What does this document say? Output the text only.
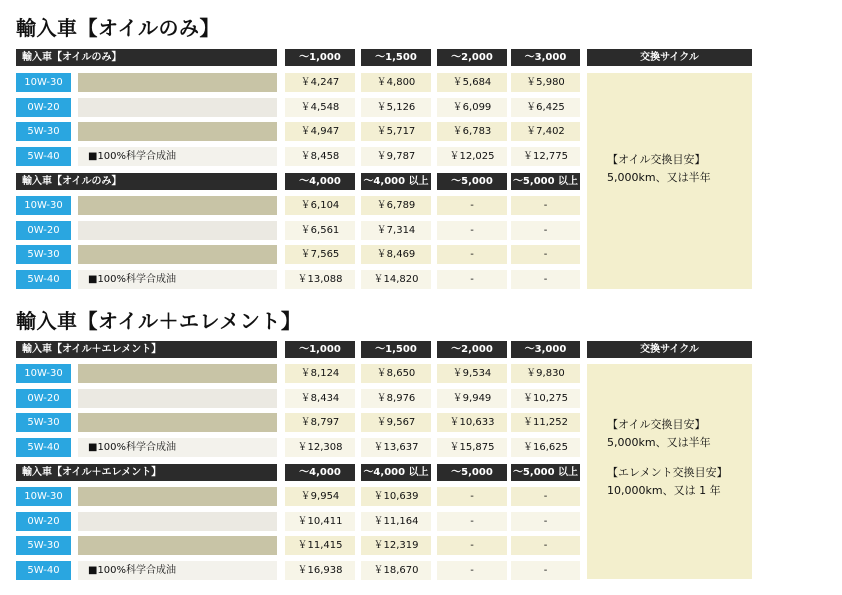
輸入車【オイルのみ】
輸入車【オイルのみ】	～1,000	～1,500	～2,000	～3,000	交換サイクル
10W-30	￥4,247	￥4,800	￥5,684	￥5,980
0W-20	￥4,548	￥5,126	￥6,099	￥6,425
5W-30	￥4,947	￥5,717	￥6,783	￥7,402
5W-40	■100%科学合成油	￥8,458	￥9,787	￥12,025	￥12,775
輸入車【オイルのみ】	～4,000	～4,000 以上	～5,000	～5,000 以上
10W-30	￥6,104	￥6,789	-	-
0W-20	￥6,561	￥7,314	-	-
5W-30	￥7,565	￥8,469	-	-
5W-40	■100%科学合成油	￥13,088	￥14,820	-	-
【オイル交換目安】
5,000km、又は半年
輸入車【オイル＋エレメント】
輸入車【オイル＋エレメント】	～1,000	～1,500	～2,000	～3,000	交換サイクル
10W-30	￥8,124	￥8,650	￥9,534	￥9,830
0W-20	￥8,434	￥8,976	￥9,949	￥10,275
5W-30	￥8,797	￥9,567	￥10,633	￥11,252
5W-40	■100%科学合成油	￥12,308	￥13,637	￥15,875	￥16,625
輸入車【オイル＋エレメント】	～4,000	～4,000 以上	～5,000	～5,000 以上
10W-30	￥9,954	￥10,639	-	-
0W-20	￥10,411	￥11,164	-	-
5W-30	￥11,415	￥12,319	-	-
5W-40	■100%科学合成油	￥16,938	￥18,670	-	-
【オイル交換目安】
5,000km、又は半年
【エレメント交換目安】
10,000km、又は 1 年
